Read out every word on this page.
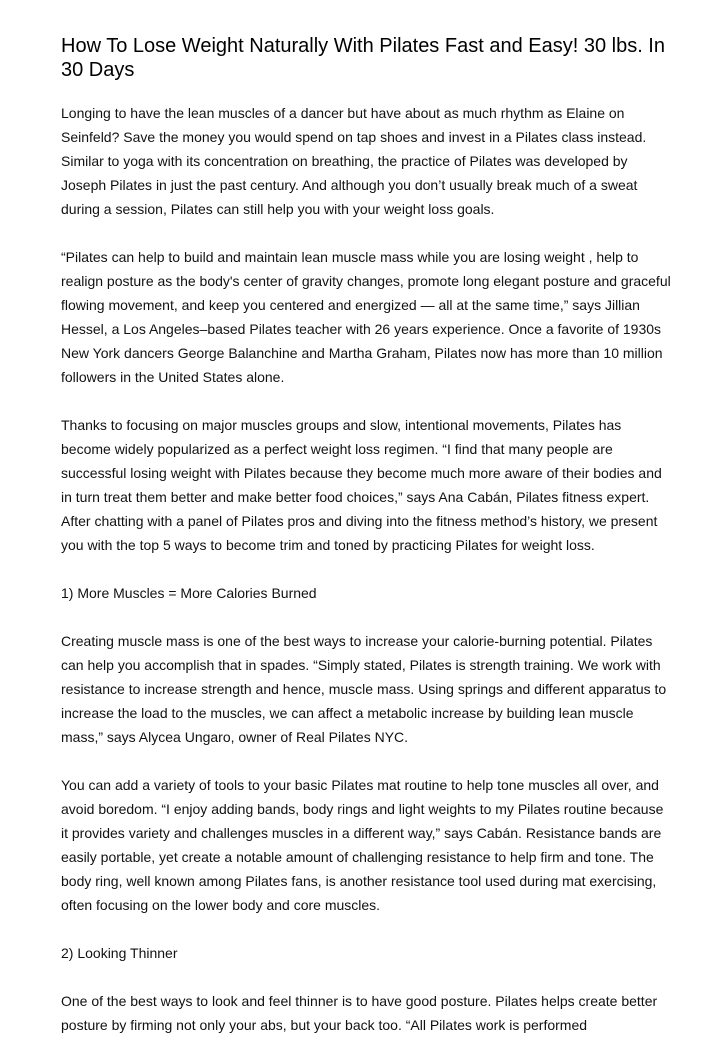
How To Lose Weight Naturally With Pilates Fast and Easy! 30 lbs. In 30 Days

Longing to have the lean muscles of a dancer but have about as much rhythm as Elaine on Seinfeld? Save the money you would spend on tap shoes and invest in a Pilates class instead. Similar to yoga with its concentration on breathing, the practice of Pilates was developed by Joseph Pilates in just the past century. And although you don’t usually break much of a sweat during a session, Pilates can still help you with your weight loss goals.

“Pilates can help to build and maintain lean muscle mass while you are losing weight , help to realign posture as the body's center of gravity changes, promote long elegant posture and graceful flowing movement, and keep you centered and energized — all at the same time,” says Jillian Hessel, a Los Angeles–based Pilates teacher with 26 years experience. Once a favorite of 1930s New York dancers George Balanchine and Martha Graham, Pilates now has more than 10 million followers in the United States alone.

Thanks to focusing on major muscles groups and slow, intentional movements, Pilates has become widely popularized as a perfect weight loss regimen. “I find that many people are successful losing weight with Pilates because they become much more aware of their bodies and in turn treat them better and make better food choices,” says Ana Cabán, Pilates fitness expert. After chatting with a panel of Pilates pros and diving into the fitness method’s history, we present you with the top 5 ways to become trim and toned by practicing Pilates for weight loss.

1) More Muscles = More Calories Burned

Creating muscle mass is one of the best ways to increase your calorie-burning potential. Pilates can help you accomplish that in spades. “Simply stated, Pilates is strength training. We work with resistance to increase strength and hence, muscle mass. Using springs and different apparatus to increase the load to the muscles, we can affect a metabolic increase by building lean muscle mass,” says Alycea Ungaro, owner of Real Pilates NYC.

You can add a variety of tools to your basic Pilates mat routine to help tone muscles all over, and avoid boredom. “I enjoy adding bands, body rings and light weights to my Pilates routine because it provides variety and challenges muscles in a different way,” says Cabán. Resistance bands are easily portable, yet create a notable amount of challenging resistance to help firm and tone. The body ring, well known among Pilates fans, is another resistance tool used during mat exercising, often focusing on the lower body and core muscles.

2) Looking Thinner

One of the best ways to look and feel thinner is to have good posture. Pilates helps create better posture by firming not only your abs, but your back too. “All Pilates work is performed
